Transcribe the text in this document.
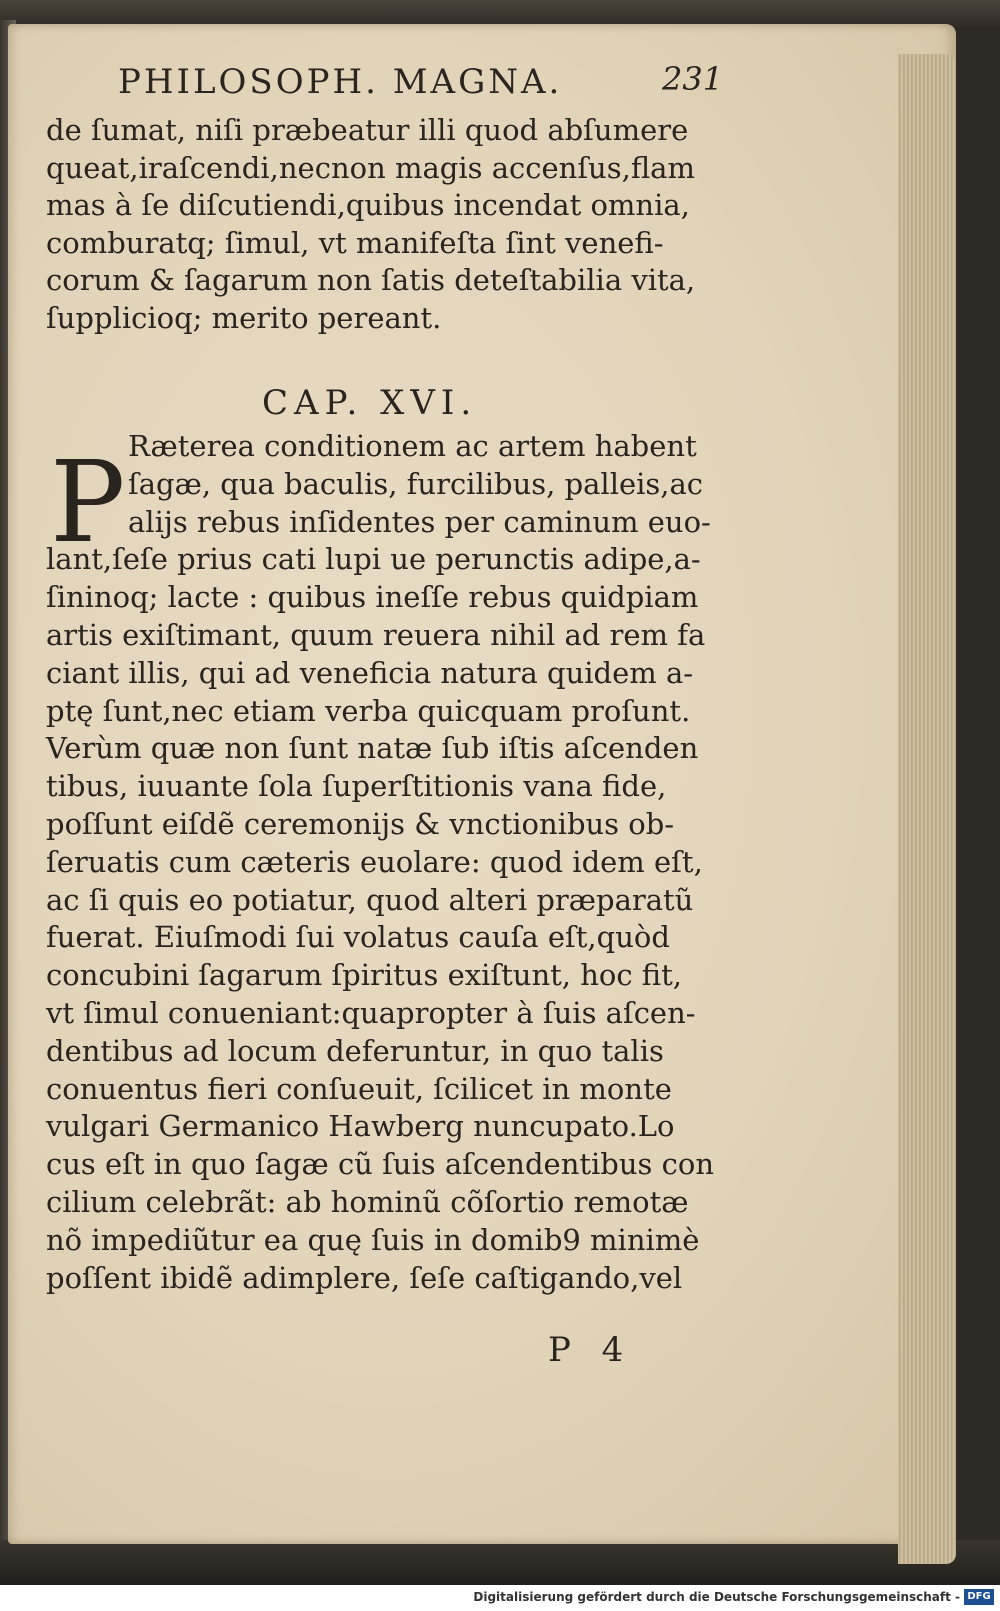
PHILOSOPH. MAGNA.	231
de ſumat, niſi præbeatur illi quod abſumere
queat,iraſcendi,necnon magis accenſus,flam
mas à ſe diſcutiendi,quibus incendat omnia,
comburatq; ſimul, vt manifeſta ſint venefi-
corum & ſagarum non ſatis deteſtabilia vita,
ſupplicioq; merito pereant.
CAP. XVI.
P Ræterea conditionem ac artem habent
ſagæ, qua baculis, furcilibus, palleis,ac
alijs rebus inſidentes per caminum euo-
lant,ſeſe prius cati lupi ue perunctis adipe,a-
ſininoq; lacte : quibus ineſſe rebus quidpiam
artis exiſtimant, quum reuera nihil ad rem fa
ciant illis, qui ad veneficia natura quidem a-
ptę ſunt,nec etiam verba quicquam proſunt.
Verùm quæ non ſunt natæ ſub iſtis aſcenden
tibus, iuuante ſola ſuperſtitionis vana fide,
poſſunt eiſdẽ ceremonijs & vnctionibus ob-
ſeruatis cum cæteris euolare: quod idem eſt,
ac ſi quis eo potiatur, quod alteri præparatũ
fuerat. Eiuſmodi ſui volatus cauſa eſt,quòd
concubini ſagarum ſpiritus exiſtunt, hoc fit,
vt ſimul conueniant:quapropter à ſuis aſcen-
dentibus ad locum deferuntur, in quo talis
conuentus fieri conſueuit, ſcilicet in monte
vulgari Germanico Hawberg nuncupato.Lo
cus eſt in quo ſagæ cũ ſuis aſcendentibus con
cilium celebrãt: ab hominũ cõſortio remotæ
nõ impediũtur ea quę ſuis in domib9 minimè
poſſent ibidẽ adimplere, ſeſe caſtigando,vel
P 4
Digitalisierung gefördert durch die Deutsche Forschungsgemeinschaft - DFG
